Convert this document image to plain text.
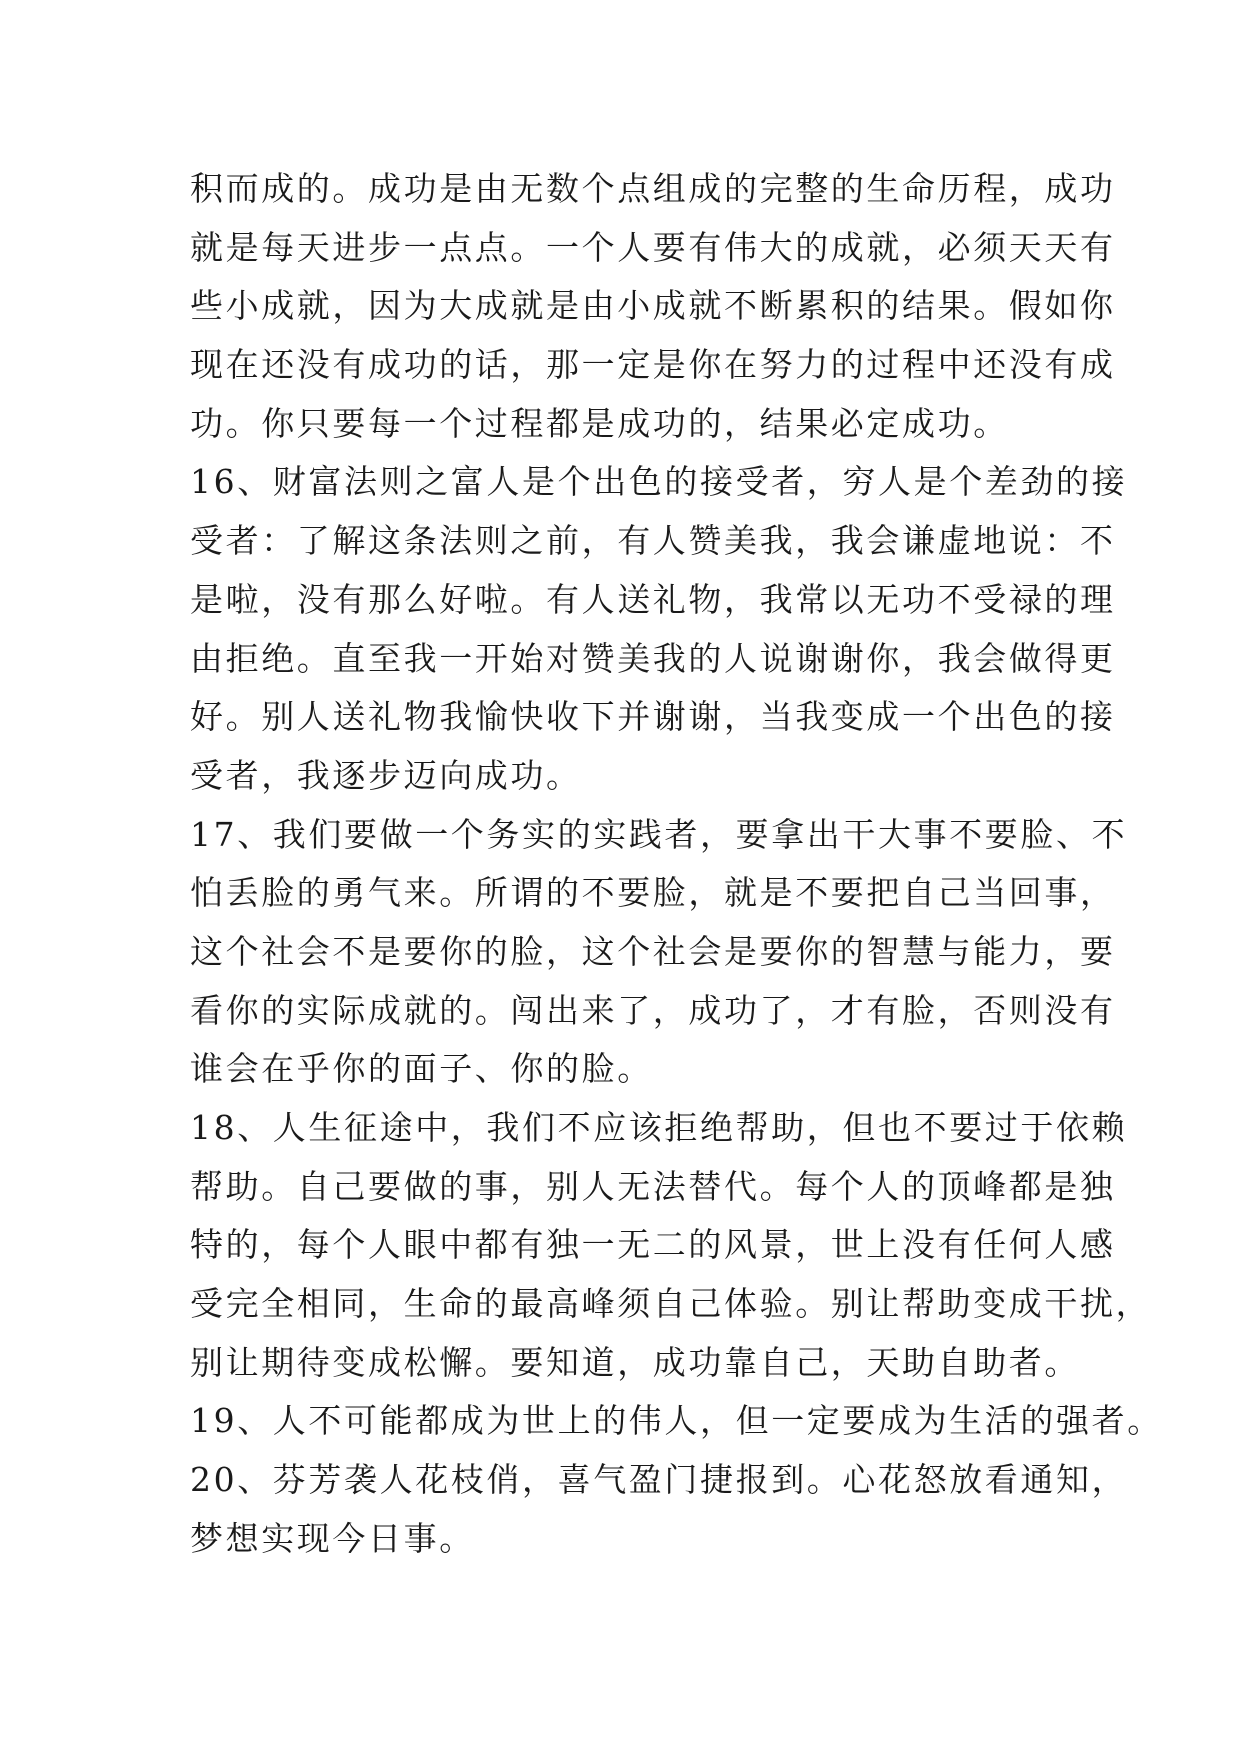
积而成的。成功是由无数个点组成的完整的生命历程，成功
就是每天进步一点点。一个人要有伟大的成就，必须天天有
些小成就，因为大成就是由小成就不断累积的结果。假如你
现在还没有成功的话，那一定是你在努力的过程中还没有成
功。你只要每一个过程都是成功的，结果必定成功。
16、财富法则之富人是个出色的接受者，穷人是个差劲的接
受者：了解这条法则之前，有人赞美我，我会谦虚地说：不
是啦，没有那么好啦。有人送礼物，我常以无功不受禄的理
由拒绝。直至我一开始对赞美我的人说谢谢你，我会做得更
好。别人送礼物我愉快收下并谢谢，当我变成一个出色的接
受者，我逐步迈向成功。
17、我们要做一个务实的实践者，要拿出干大事不要脸、不
怕丢脸的勇气来。所谓的不要脸，就是不要把自己当回事，
这个社会不是要你的脸，这个社会是要你的智慧与能力，要
看你的实际成就的。闯出来了，成功了，才有脸，否则没有
谁会在乎你的面子、你的脸。
18、人生征途中，我们不应该拒绝帮助，但也不要过于依赖
帮助。自己要做的事，别人无法替代。每个人的顶峰都是独
特的，每个人眼中都有独一无二的风景，世上没有任何人感
受完全相同，生命的最高峰须自己体验。别让帮助变成干扰，
别让期待变成松懈。要知道，成功靠自己，天助自助者。
19、人不可能都成为世上的伟人，但一定要成为生活的强者。
20、芬芳袭人花枝俏，喜气盈门捷报到。心花怒放看通知，
梦想实现今日事。
